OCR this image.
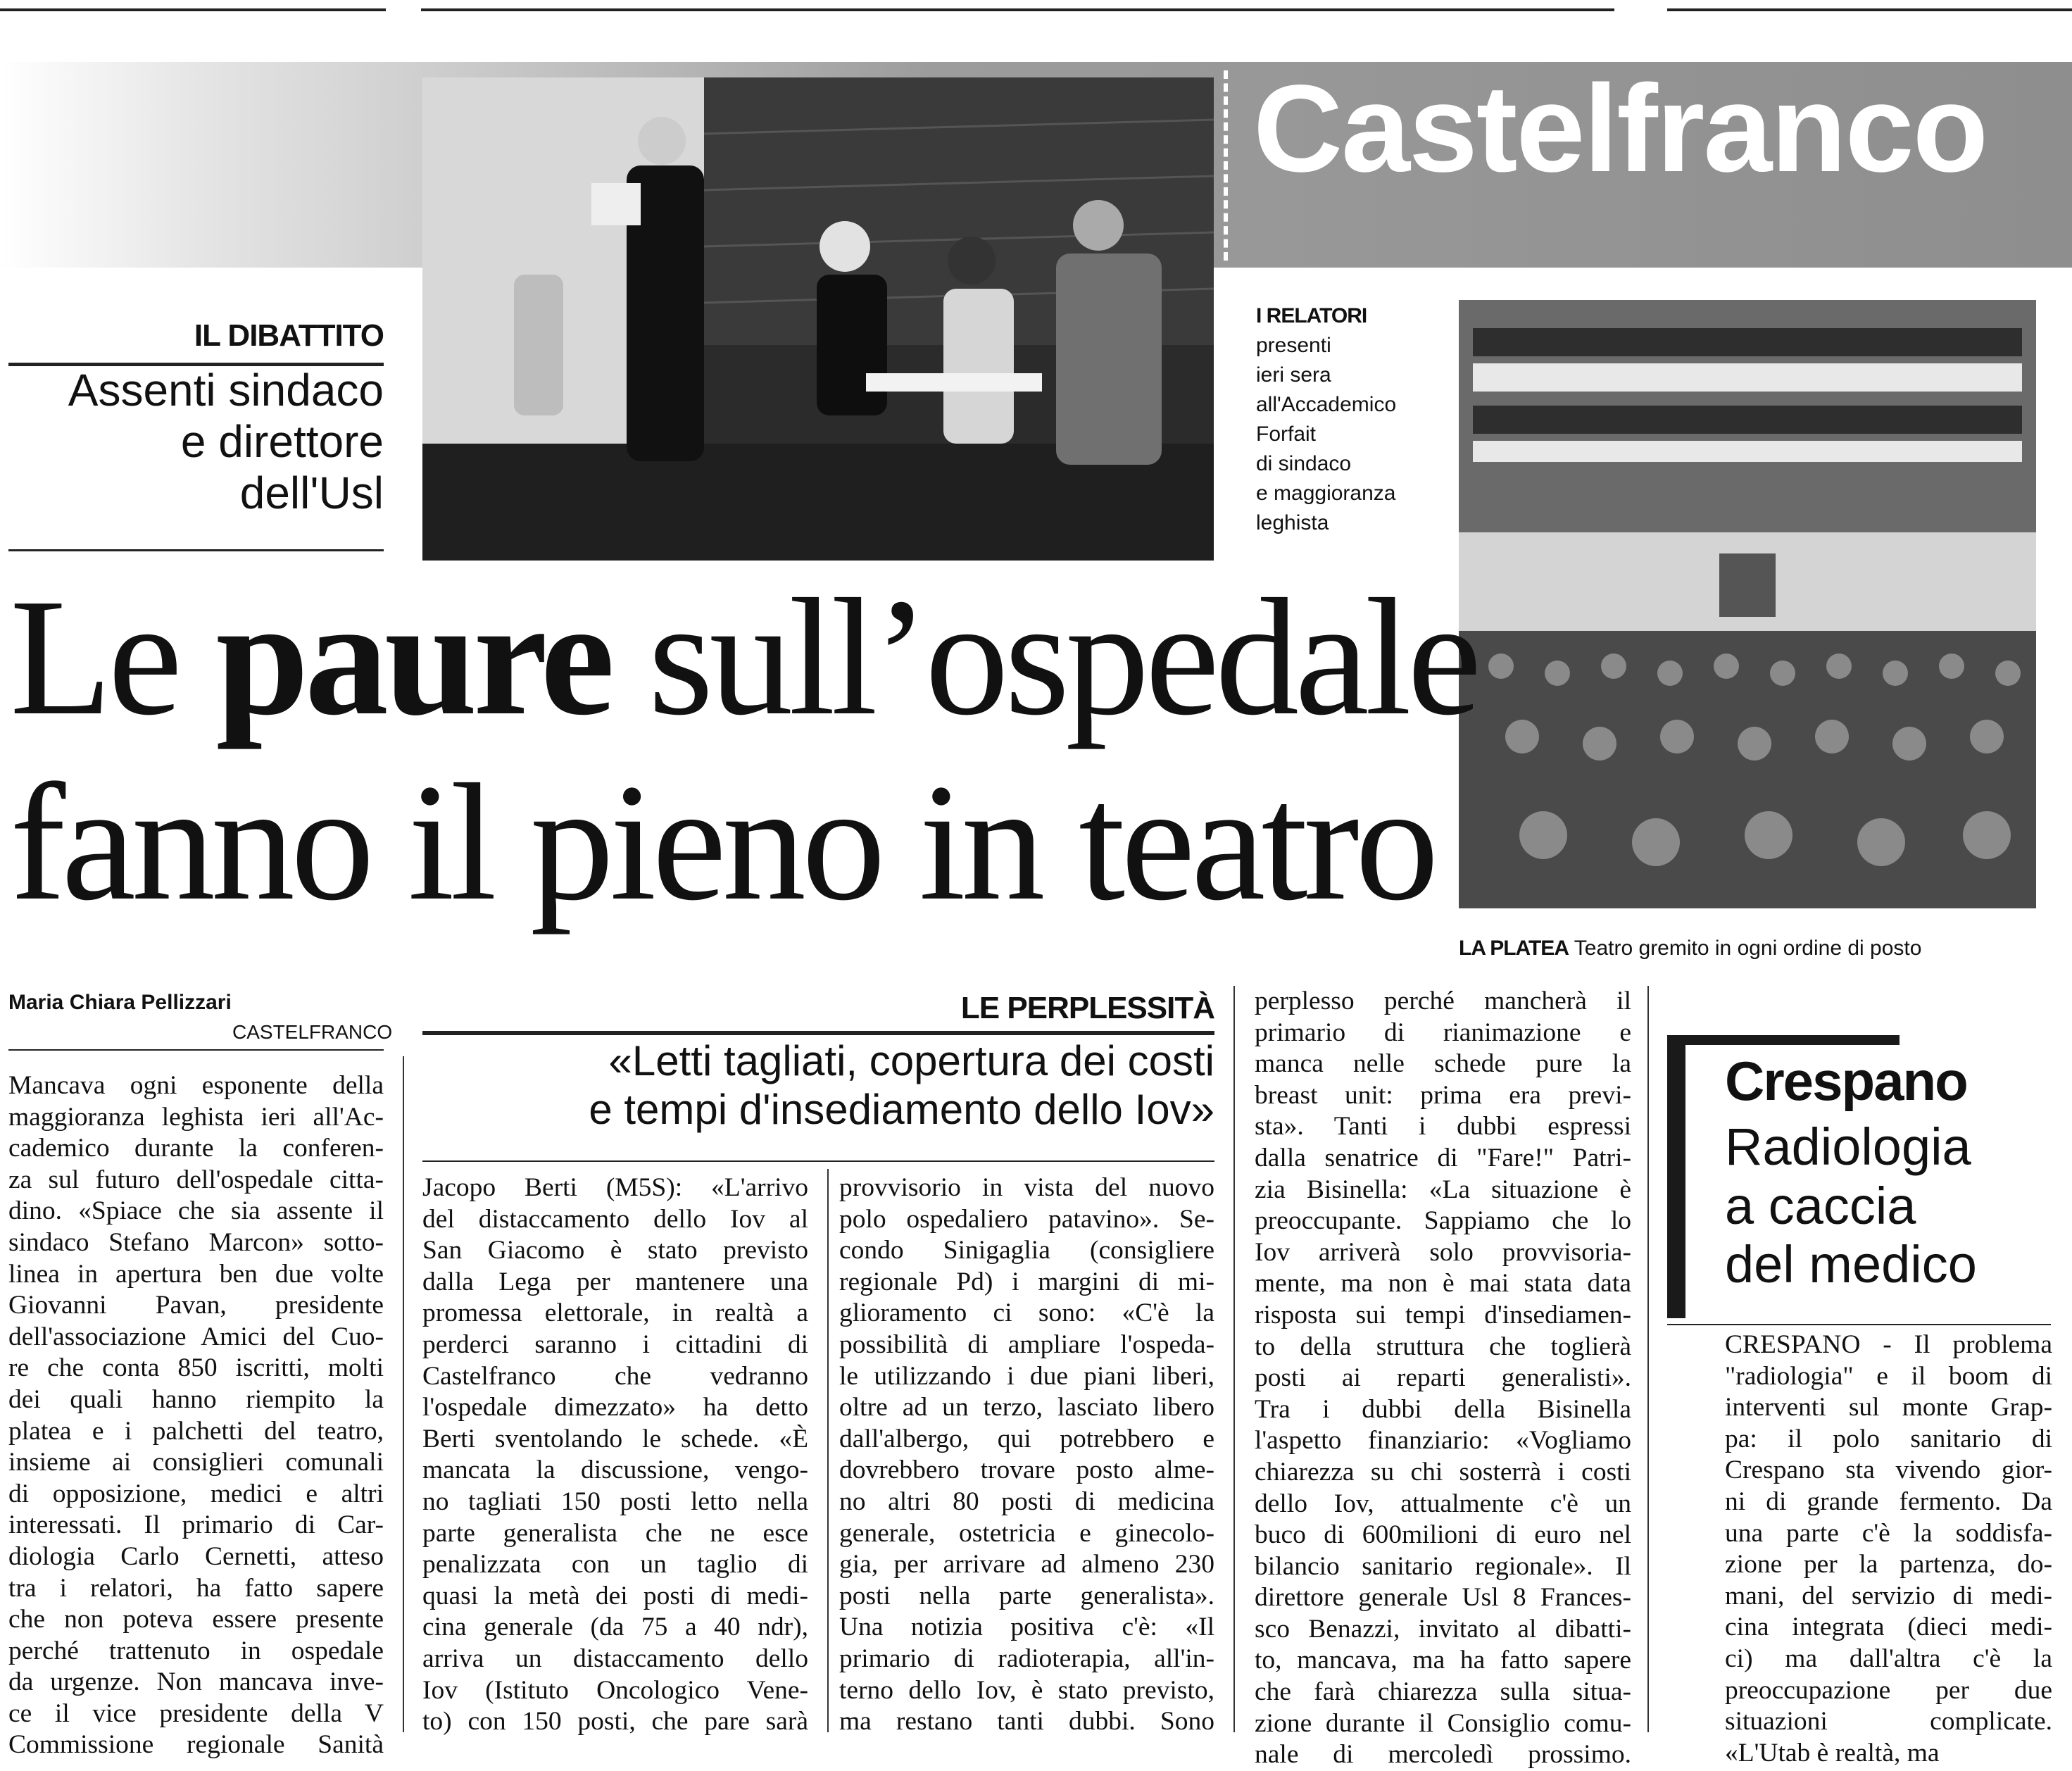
Castelfranco
IL DIBATTITO
Assenti sindaco
e direttore
dell'Usl
I RELATORI
presenti
ieri sera
all'Accademico
Forfait
di sindaco
e maggioranza
leghista
Le paure sull’ospedale
fanno il pieno in teatro
LA PLATEA Teatro gremito in ogni ordine di posto
Maria Chiara Pellizzari
CASTELFRANCO
LE PERPLESSITÀ
«Letti tagliati, copertura dei costi
e tempi d'insediamento dello Iov»	Crespano
Radiologia
a caccia
del medico
Mancava ogni esponente della
maggioranza leghista ieri all'Ac-
cademico durante la conferen-
za sul futuro dell'ospedale citta-
dino. «Spiace che sia assente il
sindaco Stefano Marcon» sotto-
linea in apertura ben due volte
Giovanni Pavan, presidente
dell'associazione Amici del Cuo-
re che conta 850 iscritti, molti
dei quali hanno riempito la
platea e i palchetti del teatro,
insieme ai consiglieri comunali
di opposizione, medici e altri
interessati. Il primario di Car-
diologia Carlo Cernetti, atteso
tra i relatori, ha fatto sapere
che non poteva essere presente
perché trattenuto in ospedale
da urgenze. Non mancava inve-
ce il vice presidente della V
Commissione regionale Sanità
Jacopo Berti (M5S): «L'arrivo
del distaccamento dello Iov al
San Giacomo è stato previsto
dalla Lega per mantenere una
promessa elettorale, in realtà a
perderci saranno i cittadini di
Castelfranco che vedranno
l'ospedale dimezzato» ha detto
Berti sventolando le schede. «È
mancata la discussione, vengo-
no tagliati 150 posti letto nella
parte generalista che ne esce
penalizzata con un taglio di
quasi la metà dei posti di medi-
cina generale (da 75 a 40 ndr),
arriva un distaccamento dello
Iov (Istituto Oncologico Vene-
to) con 150 posti, che pare sarà
provvisorio in vista del nuovo
polo ospedaliero patavino». Se-
condo Sinigaglia (consigliere
regionale Pd) i margini di mi-
glioramento ci sono: «C'è la
possibilità di ampliare l'ospeda-
le utilizzando i due piani liberi,
oltre ad un terzo, lasciato libero
dall'albergo, qui potrebbero e
dovrebbero trovare posto alme-
no altri 80 posti di medicina
generale, ostetricia e ginecolo-
gia, per arrivare ad almeno 230
posti nella parte generalista».
Una notizia positiva c'è: «Il
primario di radioterapia, all'in-
terno dello Iov, è stato previsto,
ma restano tanti dubbi. Sono
perplesso perché mancherà il
primario di rianimazione e
manca nelle schede pure la
breast unit: prima era previ-
sta». Tanti i dubbi espressi
dalla senatrice di "Fare!" Patri-
zia Bisinella: «La situazione è
preoccupante. Sappiamo che lo
Iov arriverà solo provvisoria-
mente, ma non è mai stata data
risposta sui tempi d'insediamen-
to della struttura che toglierà
posti ai reparti generalisti».
Tra i dubbi della Bisinella
l'aspetto finanziario: «Vogliamo
chiarezza su chi sosterrà i costi
dello Iov, attualmente c'è un
buco di 600milioni di euro nel
bilancio sanitario regionale». Il
direttore generale Usl 8 Frances-
sco Benazzi, invitato al dibatti-
to, mancava, ma ha fatto sapere
che farà chiarezza sulla situa-
zione durante il Consiglio comu-
nale di mercoledì prossimo.
CRESPANO - Il problema
"radiologia" e il boom di
interventi sul monte Grap-
pa: il polo sanitario di
Crespano sta vivendo gior-
ni di grande fermento. Da
una parte c'è la soddisfa-
zione per la partenza, do-
mani, del servizio di medi-
cina integrata (dieci medi-
ci) ma dall'altra c'è la
preoccupazione per due
situazioni complicate.
«L'Utab è realtà, ma
